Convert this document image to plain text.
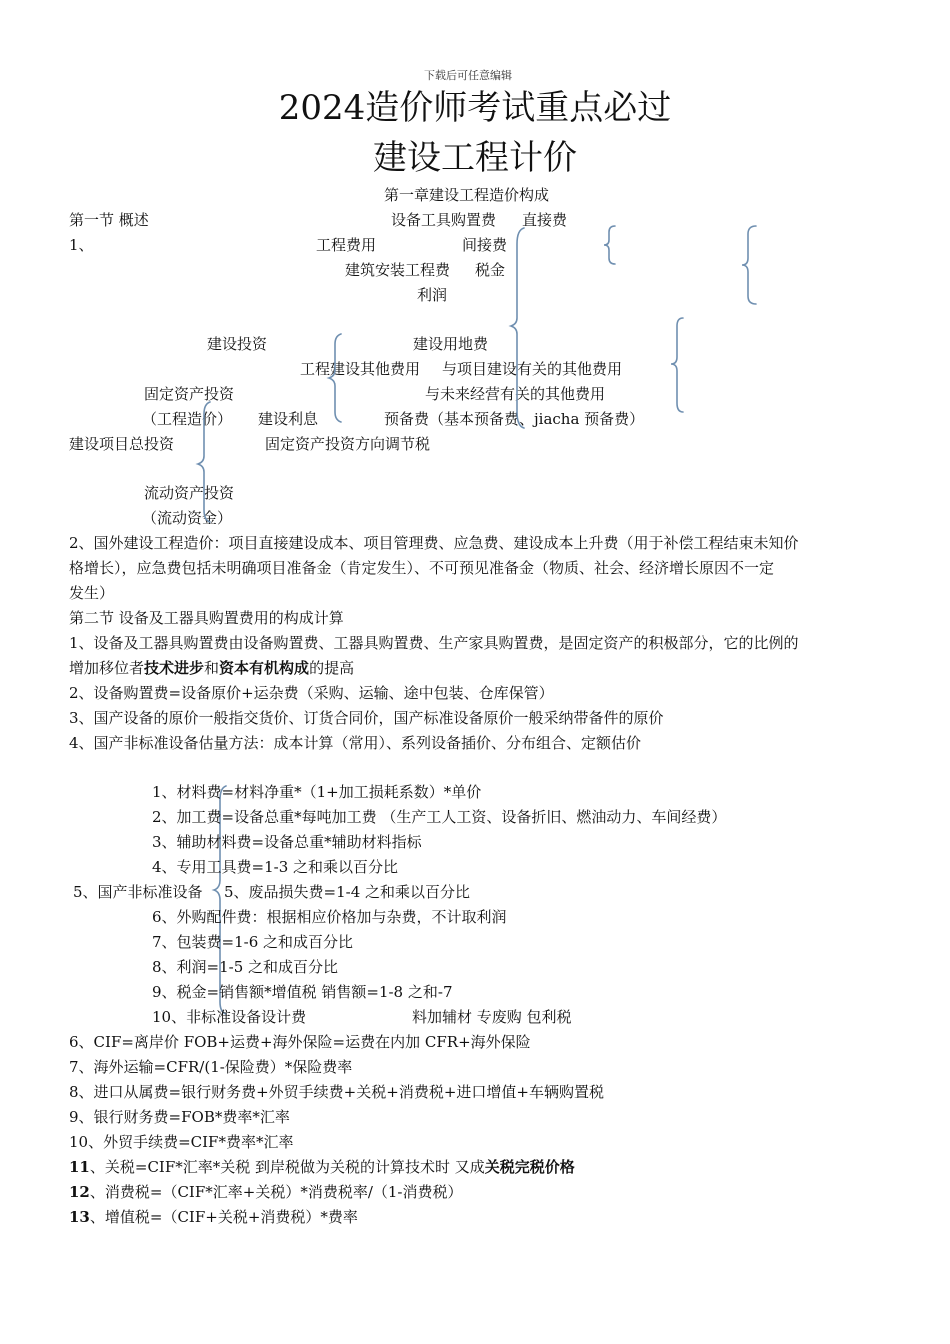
下载后可任意编辑
2024造价师考试重点必过
建设工程计价
第一章建设工程造价构成
第一节 概述	设备工具购置费 直接费
1、	工程费用	间接费
建筑安装工程费 税金
利润
建设投资	建设用地费
工程建设其他费用 与项目建设有关的其他费用
固定资产投资	与未来经营有关的其他费用
（工程造价） 建设利息	预备费（基本预备费、jiacha 预备费）
建设项目总投资	固定资产投资方向调节税
流动资产投资
（流动资金）
2、国外建设工程造价：项目直接建设成本、项目管理费、应急费、建设成本上升费（用于补偿工程结束未知价
格增长），应急费包括未明确项目准备金（肯定发生）、不可预见准备金（物质、社会、经济增长原因不一定
发生）
第二节 设备及工器具购置费用的构成计算
1、设备及工器具购置费由设备购置费、工器具购置费、生产家具购置费，是固定资产的积极部分，它的比例的
增加移位者技术进步和资本有机构成的提高
2、设备购置费=设备原价+运杂费（采购、运输、途中包装、仓库保管）
3、国产设备的原价一般指交货价、订货合同价，国产标准设备原价一般采纳带备件的原价
4、国产非标准设备估量方法：成本计算（常用）、系列设备插价、分布组合、定额估价
1、材料费=材料净重*（1+加工损耗系数）*单价
2、加工费=设备总重*每吨加工费 （生产工人工资、设备折旧、燃油动力、车间经费）
3、辅助材料费=设备总重*辅助材料指标
4、专用工具费=1-3 之和乘以百分比
5、国产非标准设备 5、废品损失费=1-4 之和乘以百分比
6、外购配件费：根据相应价格加与杂费，不计取利润
7、包装费=1-6 之和成百分比
8、利润=1-5 之和成百分比
9、税金=销售额*增值税 销售额=1-8 之和-7
10、非标准设备设计费	料加辅材 专废购 包利税
6、CIF=离岸价 FOB+运费+海外保险=运费在内加 CFR+海外保险
7、海外运输=CFR/(1-保险费）*保险费率
8、进口从属费=银行财务费+外贸手续费+关税+消费税+进口增值+车辆购置税
9、银行财务费=FOB*费率*汇率
10、外贸手续费=CIF*费率*汇率
11、关税=CIF*汇率*关税 到岸税做为关税的计算技术时 又成关税完税价格
12、消费税=（CIF*汇率+关税）*消费税率/（1-消费税）
13、增值税=（CIF+关税+消费税）*费率
